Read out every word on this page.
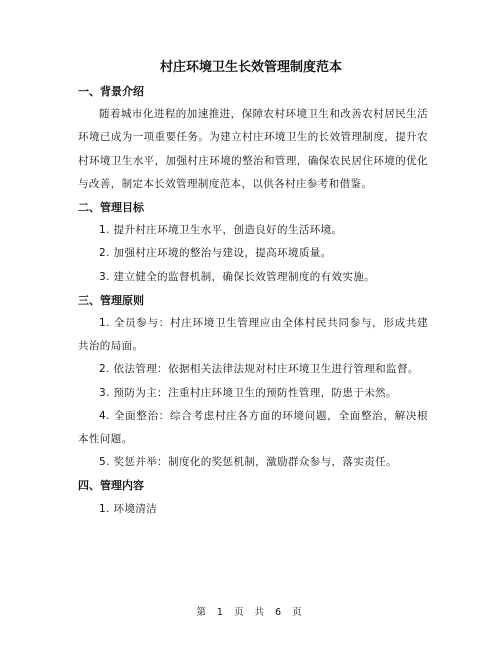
村庄环境卫生长效管理制度范本
一、背景介绍
随着城市化进程的加速推进，保障农村环境卫生和改善农村居民生活环境已成为一项重要任务。为建立村庄环境卫生的长效管理制度，提升农村环境卫生水平，加强村庄环境的整治和管理，确保农民居住环境的优化与改善，制定本长效管理制度范本，以供各村庄参考和借鉴。
二、管理目标
1. 提升村庄环境卫生水平，创造良好的生活环境。
2. 加强村庄环境的整治与建设，提高环境质量。
3. 建立健全的监督机制，确保长效管理制度的有效实施。
三、管理原则
1. 全员参与：村庄环境卫生管理应由全体村民共同参与，形成共建共治的局面。
2. 依法管理：依据相关法律法规对村庄环境卫生进行管理和监督。
3. 预防为主：注重村庄环境卫生的预防性管理，防患于未然。
4. 全面整治：综合考虑村庄各方面的环境问题，全面整治，解决根本性问题。
5. 奖惩并举：制度化的奖惩机制，激励群众参与，落实责任。
四、管理内容
1. 环境清洁
第 1 页 共 6 页
